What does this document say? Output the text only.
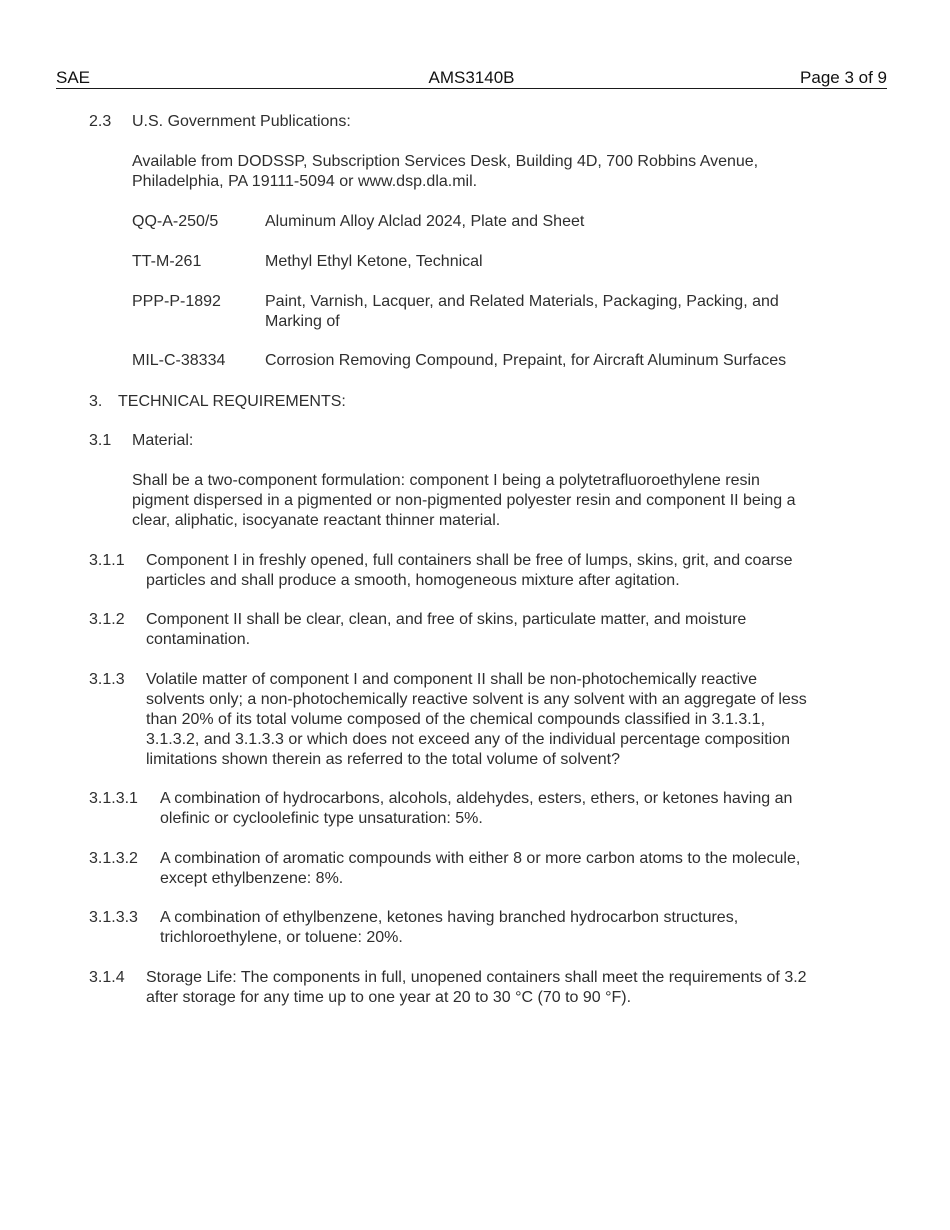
SAE	AMS3140B	Page 3 of 9
2.3 U.S. Government Publications:
Available from DODSSP, Subscription Services Desk, Building 4D, 700 Robbins Avenue,
Philadelphia, PA 19111-5094 or www.dsp.dla.mil.
QQ-A-250/5	Aluminum Alloy Alclad 2024, Plate and Sheet
TT-M-261	Methyl Ethyl Ketone, Technical
PPP-P-1892	Paint, Varnish, Lacquer, and Related Materials, Packaging, Packing, and
Marking of
MIL-C-38334 Corrosion Removing Compound, Prepaint, for Aircraft Aluminum Surfaces
3. TECHNICAL REQUIREMENTS:
3.1 Material:
Shall be a two-component formulation: component I being a polytetrafluoroethylene resin
pigment dispersed in a pigmented or non-pigmented polyester resin and component II being a
clear, aliphatic, isocyanate reactant thinner material.
3.1.1 Component I in freshly opened, full containers shall be free of lumps, skins, grit, and coarse
particles and shall produce a smooth, homogeneous mixture after agitation.
3.1.2 Component II shall be clear, clean, and free of skins, particulate matter, and moisture
contamination.
3.1.3 Volatile matter of component I and component II shall be non-photochemically reactive
solvents only; a non-photochemically reactive solvent is any solvent with an aggregate of less
than 20% of its total volume composed of the chemical compounds classified in 3.1.3.1,
3.1.3.2, and 3.1.3.3 or which does not exceed any of the individual percentage composition
limitations shown therein as referred to the total volume of solvent?
3.1.3.1 A combination of hydrocarbons, alcohols, aldehydes, esters, ethers, or ketones having an
olefinic or cycloolefinic type unsaturation: 5%.
3.1.3.2 A combination of aromatic compounds with either 8 or more carbon atoms to the molecule,
except ethylbenzene: 8%.
3.1.3.3 A combination of ethylbenzene, ketones having branched hydrocarbon structures,
trichloroethylene, or toluene: 20%.
3.1.4 Storage Life: The components in full, unopened containers shall meet the requirements of 3.2
after storage for any time up to one year at 20 to 30 °C (70 to 90 °F).
